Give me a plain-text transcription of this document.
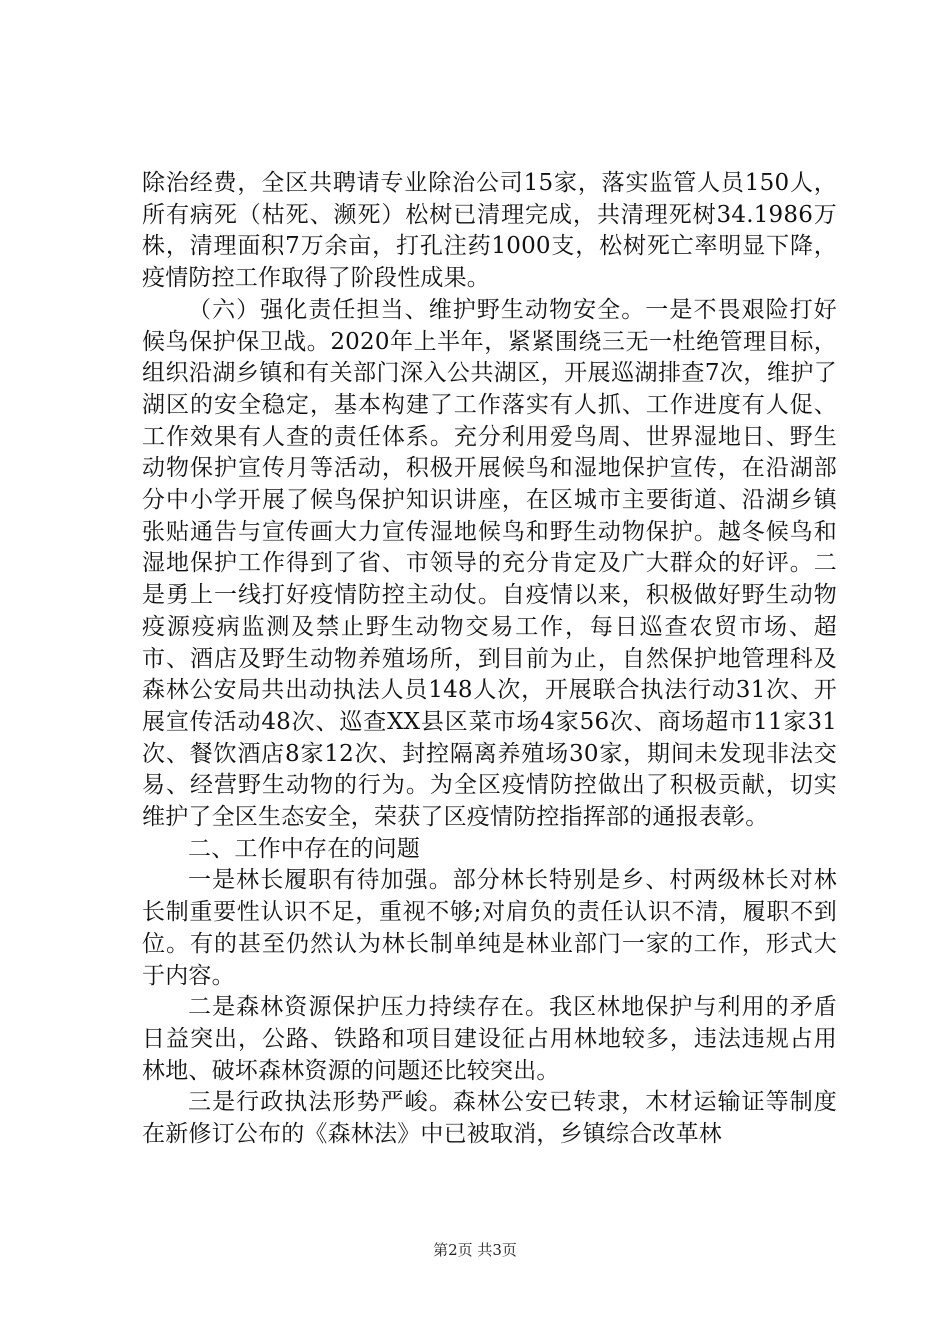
除治经费，全区共聘请专业除治公司15家，落实监管人员150人，所有病死（枯死、濒死）松树已清理完成，共清理死树34.1986万株，清理面积7万余亩，打孔注药1000支，松树死亡率明显下降，疫情防控工作取得了阶段性成果。

（六）强化责任担当、维护野生动物安全。一是不畏艰险打好候鸟保护保卫战。2020年上半年，紧紧围绕三无一杜绝管理目标，组织沿湖乡镇和有关部门深入公共湖区，开展巡湖排查7次，维护了湖区的安全稳定，基本构建了工作落实有人抓、工作进度有人促、工作效果有人查的责任体系。充分利用爱鸟周、世界湿地日、野生动物保护宣传月等活动，积极开展候鸟和湿地保护宣传，在沿湖部分中小学开展了候鸟保护知识讲座，在区城市主要街道、沿湖乡镇张贴通告与宣传画大力宣传湿地候鸟和野生动物保护。越冬候鸟和湿地保护工作得到了省、市领导的充分肯定及广大群众的好评。二是勇上一线打好疫情防控主动仗。自疫情以来，积极做好野生动物疫源疫病监测及禁止野生动物交易工作，每日巡查农贸市场、超市、酒店及野生动物养殖场所，到目前为止，自然保护地管理科及森林公安局共出动执法人员148人次，开展联合执法行动31次、开展宣传活动48次、巡查XX县区菜市场4家56次、商场超市11家31次、餐饮酒店8家12次、封控隔离养殖场30家，期间未发现非法交易、经营野生动物的行为。为全区疫情防控做出了积极贡献，切实维护了全区生态安全，荣获了区疫情防控指挥部的通报表彰。

二、工作中存在的问题

一是林长履职有待加强。部分林长特别是乡、村两级林长对林长制重要性认识不足，重视不够;对肩负的责任认识不清，履职不到位。有的甚至仍然认为林长制单纯是林业部门一家的工作，形式大于内容。

二是森林资源保护压力持续存在。我区林地保护与利用的矛盾日益突出，公路、铁路和项目建设征占用林地较多，违法违规占用林地、破坏森林资源的问题还比较突出。

三是行政执法形势严峻。森林公安已转隶，木材运输证等制度在新修订公布的《森林法》中已被取消，乡镇综合改革林

第2页 共3页
